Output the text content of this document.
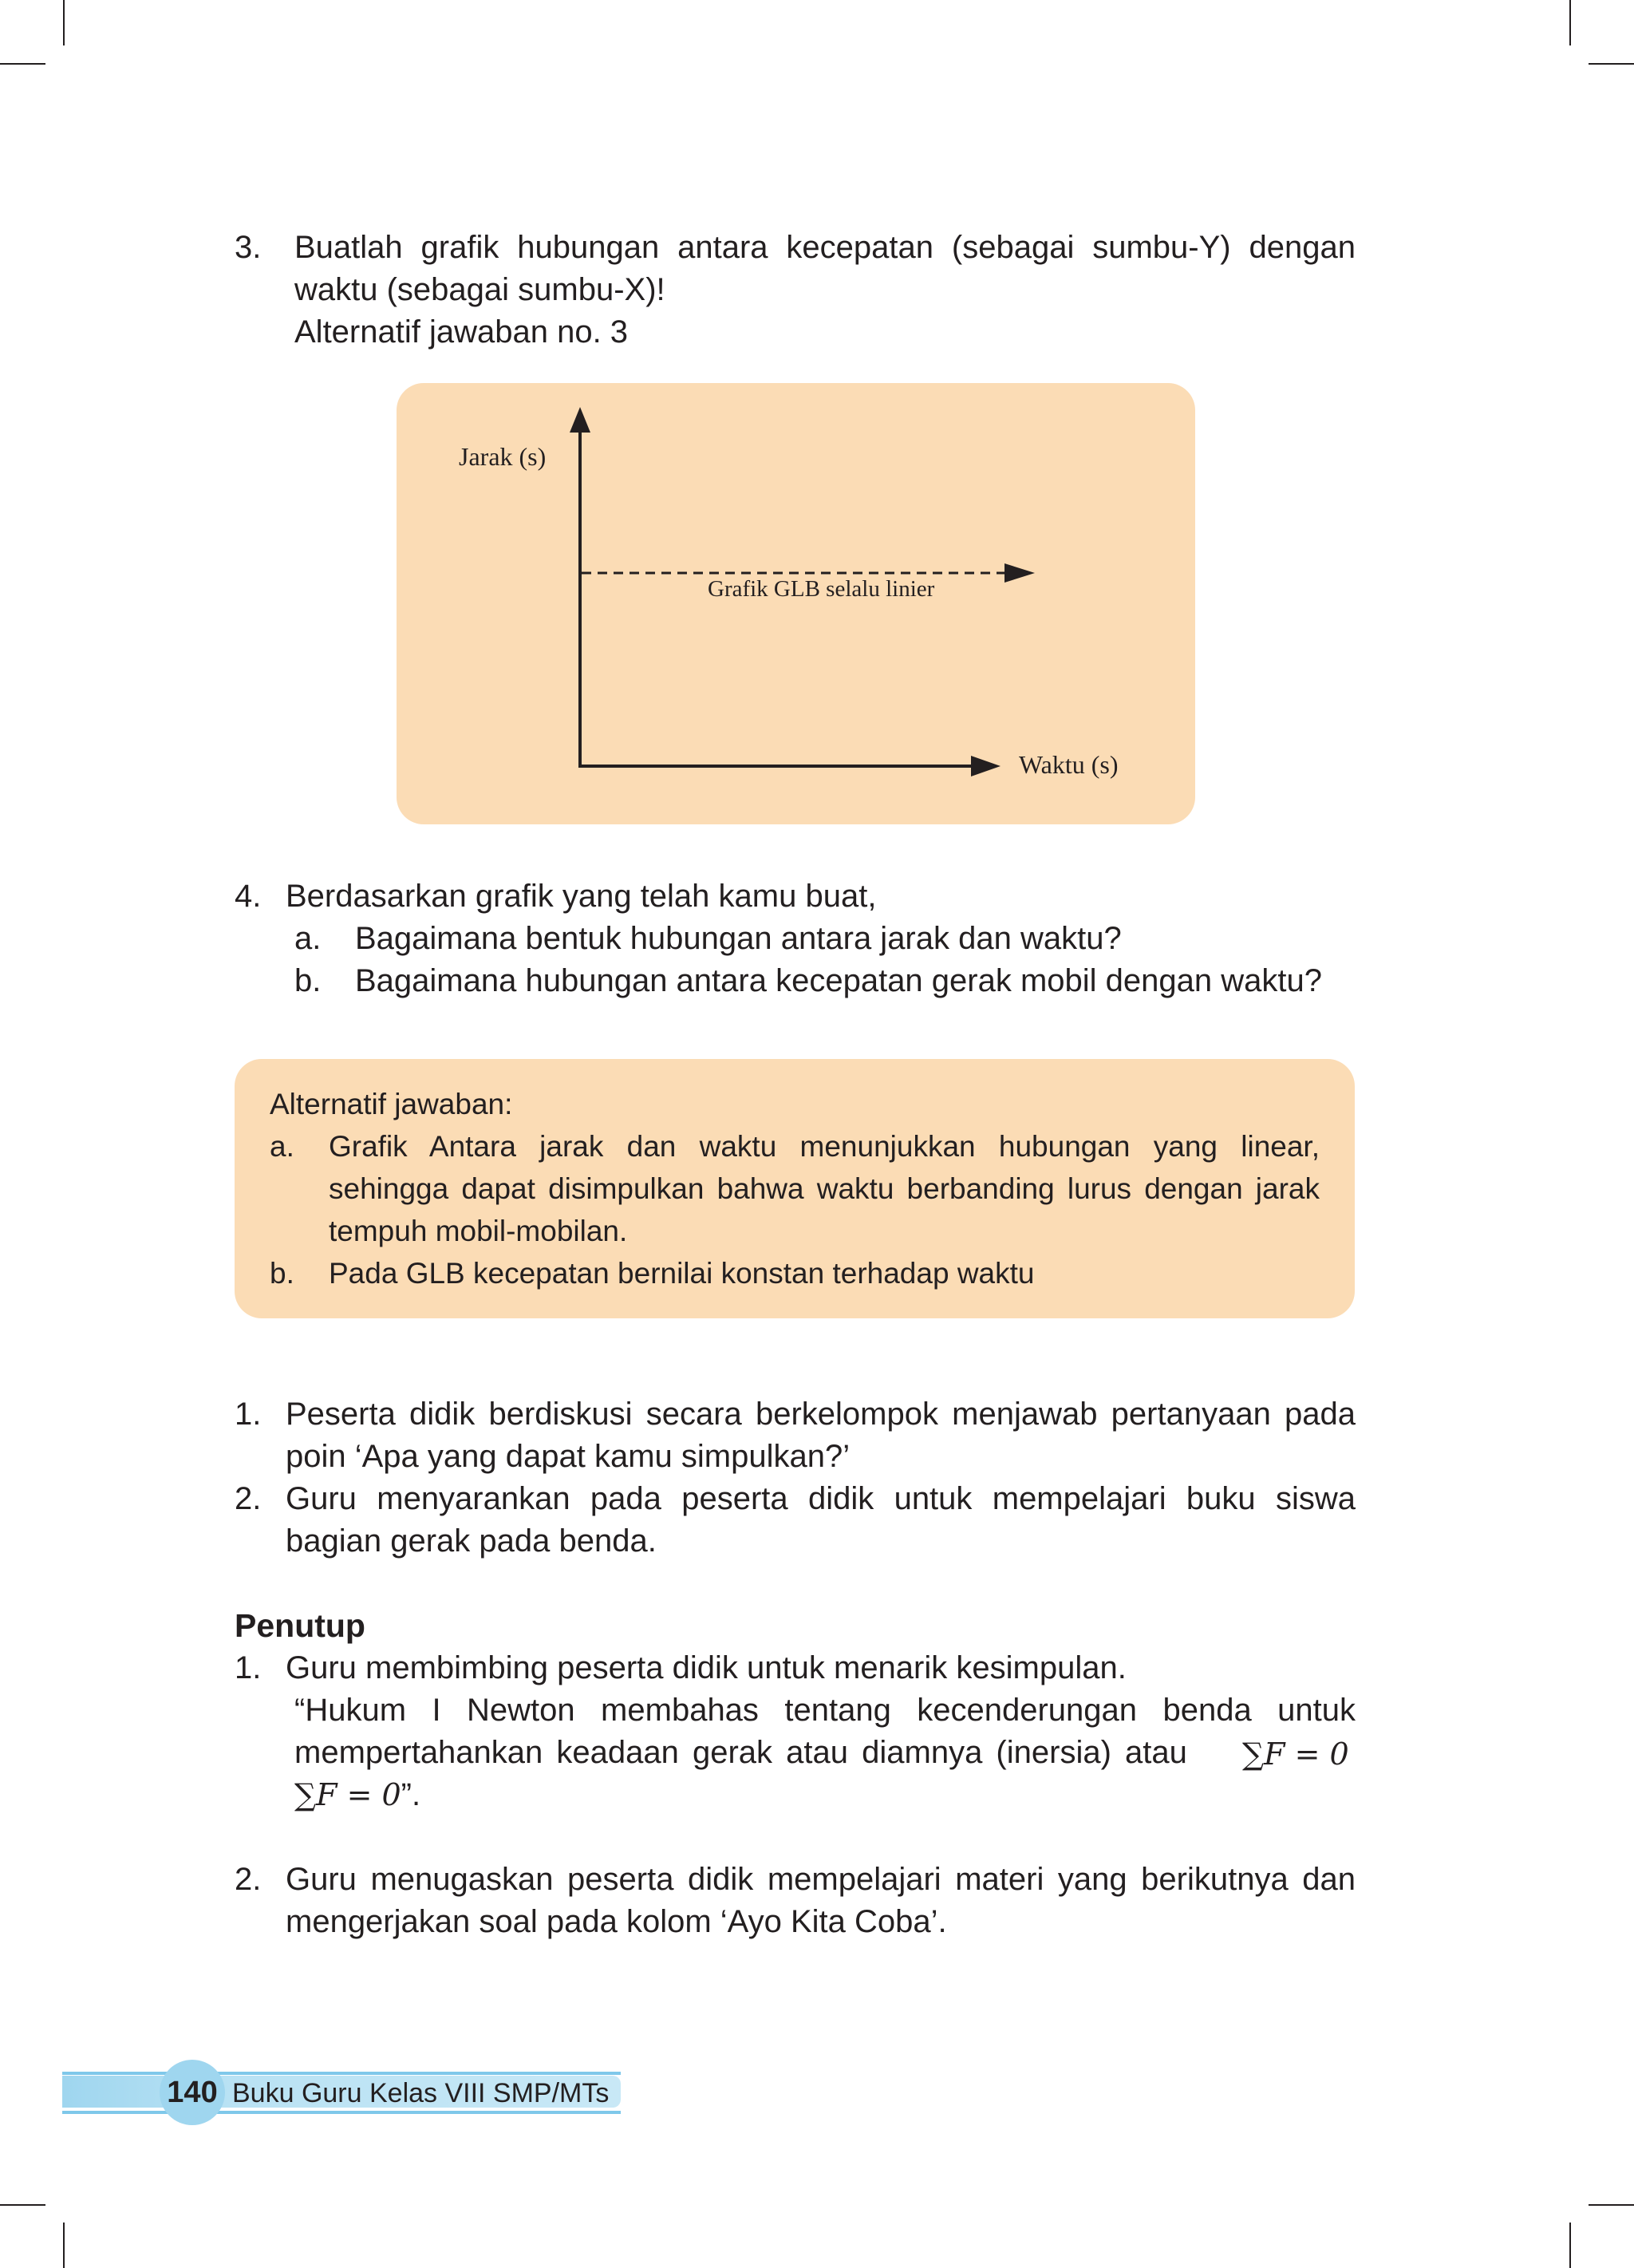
3. Buatlah grafik hubungan antara kecepatan (sebagai sumbu-Y) dengan

waktu (sebagai sumbu-X)!

Alternatif jawaban no. 3

Jarak (s)
Grafik GLB selalu linier
Waktu (s)
4. Berdasarkan grafik yang telah kamu buat,

a. Bagaimana bentuk hubungan antara jarak dan waktu?

b. Bagaimana hubungan antara kecepatan gerak mobil dengan waktu?

Alternatif jawaban:

a. Grafik Antara jarak dan waktu menunjukkan hubungan yang linear,

sehingga dapat disimpulkan bahwa waktu berbanding lurus dengan jarak

tempuh mobil-mobilan.

b. Pada GLB kecepatan bernilai konstan terhadap waktu

1. Peserta didik berdiskusi secara berkelompok menjawab pertanyaan pada

poin ‘Apa yang dapat kamu simpulkan?’

2. Guru menyarankan pada peserta didik untuk mempelajari buku siswa

bagian gerak pada benda.

Penutup
1. Guru membimbing peserta didik untuk menarik kesimpulan.

“Hukum I Newton membahas tentang kecenderungan benda untuk

mempertahankan keadaan gerak atau diamnya (inersia) atau ∑F = 0

∑F = 0”.

2. Guru menugaskan peserta didik mempelajari materi yang berikutnya dan

mengerjakan soal pada kolom ‘Ayo Kita Coba’.

140 Buku Guru Kelas VIII SMP/MTs
